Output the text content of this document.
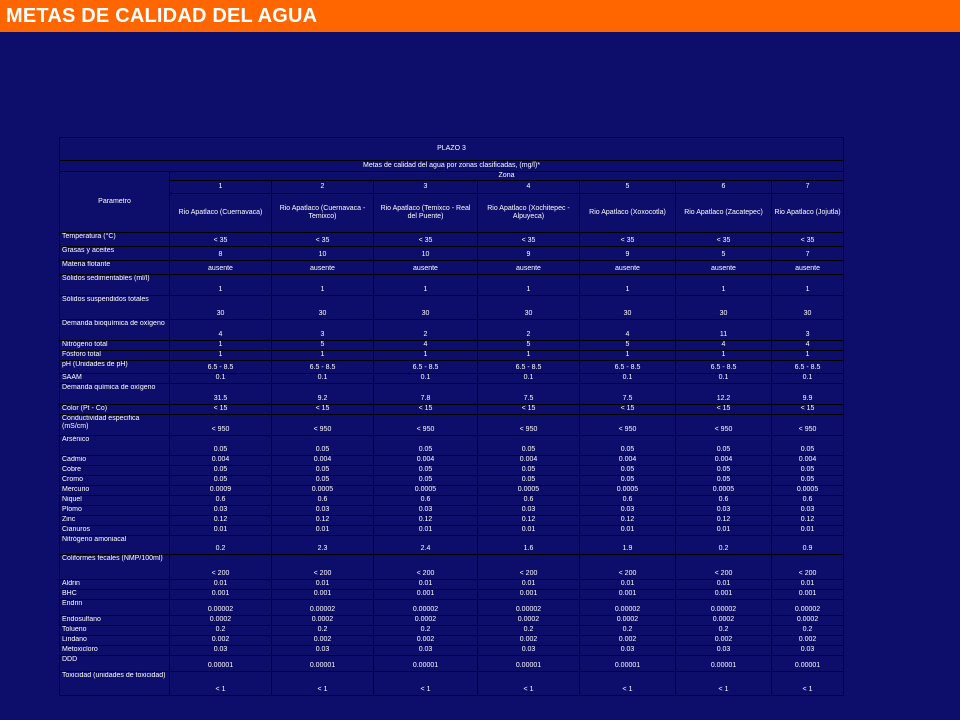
METAS DE CALIDAD DEL AGUA
PLAZO 3							
Metas de calidad del agua por zonas clasificadas, (mg/l)*							
Parametro	Zona						
	1	2	3	4	5	6	7
	Rio Apatlaco (Cuernavaca)	Rio Apatlaco (Cuernavaca - Temixco)	Rio Apatlaco (Temixco - Real del Puente)	Rio Apatlaco (Xochitepec - Alpuyeca)	Rio Apatlaco (Xoxocotla)	Rio Apatlaco (Zacatepec)	Rio Apatlaco (Jojutla)

Temperatura (°C)	< 35	< 35	< 35	< 35	< 35	< 35	< 35
Grasas y aceites	8	10	10	9	9	5	7
Materia flotante	ausente	ausente	ausente	ausente	ausente	ausente	ausente
Sólidos sedimentables (ml/l)	1	1	1	1	1	1	1
Sólidos suspendidos totales	30	30	30	30	30	30	30
Demanda bioquímica de oxígeno	4	3	2	2	4	11	3
Nitrógeno total	1	5	4	5	5	4	4
Fósforo total	1	1	1	1	1	1	1
pH (Unidades de pH)	6.5 - 8.5	6.5 - 8.5	6.5 - 8.5	6.5 - 8.5	6.5 - 8.5	6.5 - 8.5	6.5 - 8.5
SAAM	0.1	0.1	0.1	0.1	0.1	0.1	0.1
Demanda química de oxígeno	31.5	9.2	7.8	7.5	7.5	12.2	9.9
Color (Pt - Co)	< 15	< 15	< 15	< 15	< 15	< 15	< 15
Conductividad especifica (mS/cm)	< 950	< 950	< 950	< 950	< 950	< 950	< 950
Arsénico	0.05	0.05	0.05	0.05	0.05	0.05	0.05
Cadmio	0.004	0.004	0.004	0.004	0.004	0.004	0.004
Cobre	0.05	0.05	0.05	0.05	0.05	0.05	0.05
Cromo	0.05	0.05	0.05	0.05	0.05	0.05	0.05
Mercurio	0.0009	0.0005	0.0005	0.0005	0.0005	0.0005	0.0005
Niquel	0.6	0.6	0.6	0.6	0.6	0.6	0.6
Plomo	0.03	0.03	0.03	0.03	0.03	0.03	0.03
Zinc	0.12	0.12	0.12	0.12	0.12	0.12	0.12
Cianuros	0.01	0.01	0.01	0.01	0.01	0.01	0.01
Nitrógeno amoniacal	0.2	2.3	2.4	1.6	1.9	0.2	0.9
Coliformes fecales (NMP/100ml)	< 200	< 200	< 200	< 200	< 200	< 200	< 200
Aldrin	0.01	0.01	0.01	0.01	0.01	0.01	0.01
BHC	0.001	0.001	0.001	0.001	0.001	0.001	0.001
Endrin	0.00002	0.00002	0.00002	0.00002	0.00002	0.00002	0.00002
Endosulfano	0.0002	0.0002	0.0002	0.0002	0.0002	0.0002	0.0002
Tolueno	0.2	0.2	0.2	0.2	0.2	0.2	0.2
Lindano	0.002	0.002	0.002	0.002	0.002	0.002	0.002
Metoxicloro	0.03	0.03	0.03	0.03	0.03	0.03	0.03
DDD	0.00001	0.00001	0.00001	0.00001	0.00001	0.00001	0.00001
Toxicidad (unidades de toxicidad)	< 1	< 1	< 1	< 1	< 1	< 1	< 1
